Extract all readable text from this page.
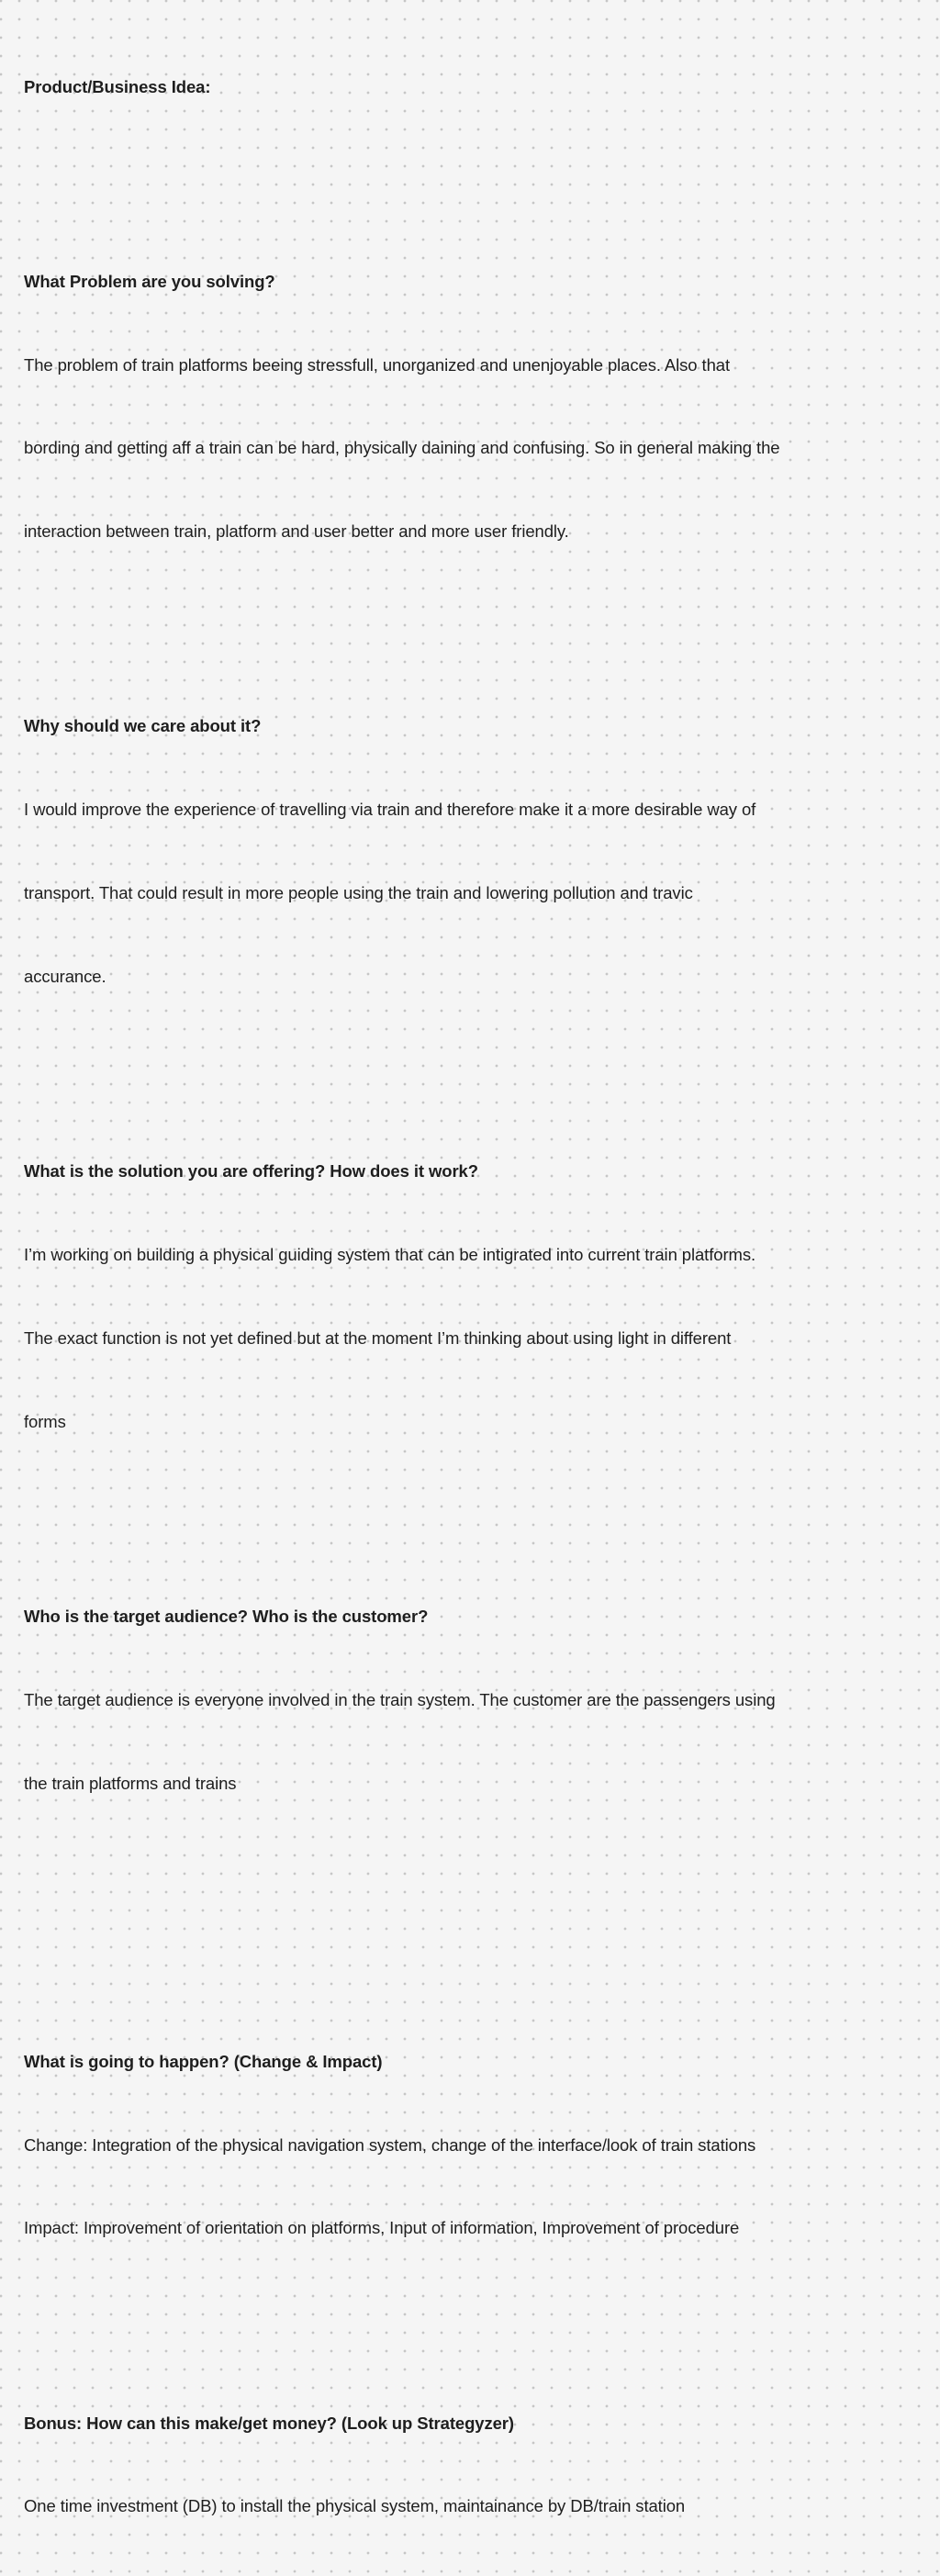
Product/Business Idea:

What Problem are you solving?

The problem of train platforms beeing stressfull, unorganized and unenjoyable places. Also that

bording and getting aff a train can be hard, physically daining and confusing. So in general making the

interaction between train, platform and user better and more user friendly.

Why should we care about it?

I would improve the experience of travelling via train and therefore make it a more desirable way of

transport. That could result in more people using the train and lowering pollution and travic

accurance.

What is the solution you are offering? How does it work?

I’m working on building a physical guiding system that can be intigrated into current train platforms.

The exact function is not yet defined but at the moment I’m thinking about using light in different

forms

Who is the target audience? Who is the customer?

The target audience is everyone involved in the train system. The customer are the passengers using

the train platforms and trains

What is going to happen? (Change & Impact)

Change: Integration of the physical navigation system, change of the interface/look of train stations

Impact: Improvement of orientation on platforms, Input of information, Improvement of procedure

Bonus: How can this make/get money? (Look up Strategyzer)

One time investment (DB) to install the physical system, maintainance by DB/train station
